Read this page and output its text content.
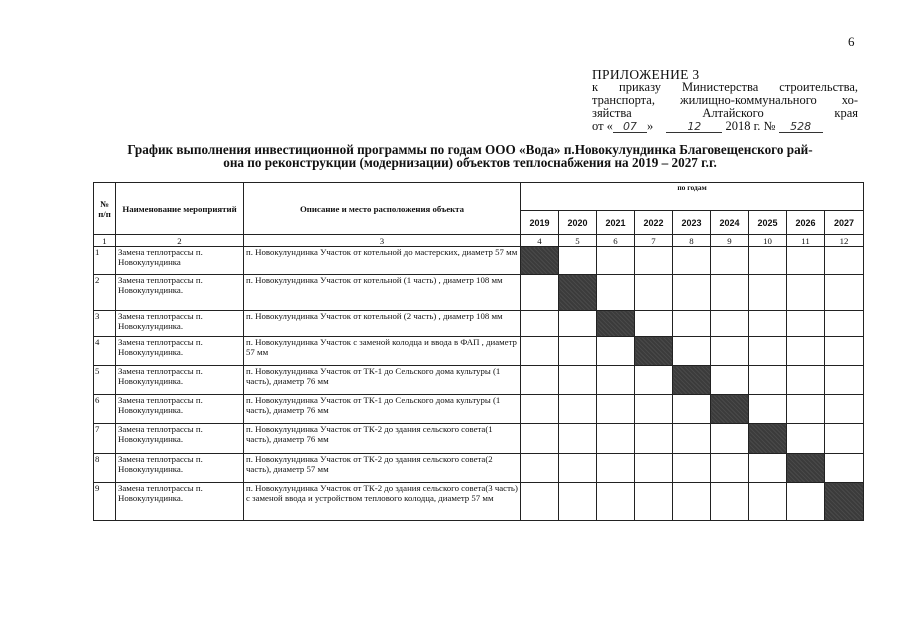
6
ПРИЛОЖЕНИЕ 3
к приказу Министерства строительства,
транспорта, жилищно-коммунального хо-
зяйства Алтайского края
от « 07 »	12 2018 г. № 528
График выполнения инвестиционной программы по годам ООО «Вода» п.Новокулундинка Благовещенского рай-
она по реконструкции (модернизации) объектов теплоснабжения на 2019 – 2027 г.г.
№ п/п	Наименование мероприятий	Описание и место расположения объекта	по годам								
			2019	2020	2021	2022	2023	2024	2025	2026	2027
1	2	3	4	5	6	7	8	9	10	11	12
1	Замена теплотрассы п. Новокулундинка	п. Новокулундинка Участок от котельной до мастерских, диаметр 57 мм									
2	Замена теплотрассы п. Новокулундинка.	п. Новокулундинка Участок от котельной (1 часть) , диаметр 108 мм									
3	Замена теплотрассы п. Новокулундинка.	п. Новокулундинка Участок от котельной (2 часть) , диаметр 108 мм									
4	Замена теплотрассы п. Новокулундинка.	п. Новокулундинка Участок с заменой колодца и ввода в ФАП , диаметр 57 мм									
5	Замена теплотрассы п. Новокулундинка.	п. Новокулундинка Участок от ТК-1 до Сельского дома культуры (1 часть), диаметр 76 мм									
6	Замена теплотрассы п. Новокулундинка.	п. Новокулундинка Участок от ТК-1 до Сельского дома культуры (1 часть), диаметр 76 мм									
7	Замена теплотрассы п. Новокулундинка.	п. Новокулундинка Участок от ТК-2 до здания сельского совета(1 часть), диаметр 76 мм									
8	Замена теплотрассы п. Новокулундинка.	п. Новокулундинка Участок от ТК-2 до здания сельского совета(2 часть), диаметр 57 мм									
9	Замена теплотрассы п. Новокулундинка.	п. Новокулундинка Участок от ТК-2 до здания сельского совета(3 часть) с заменой ввода и устройством теплового колодца, диаметр 57 мм									
